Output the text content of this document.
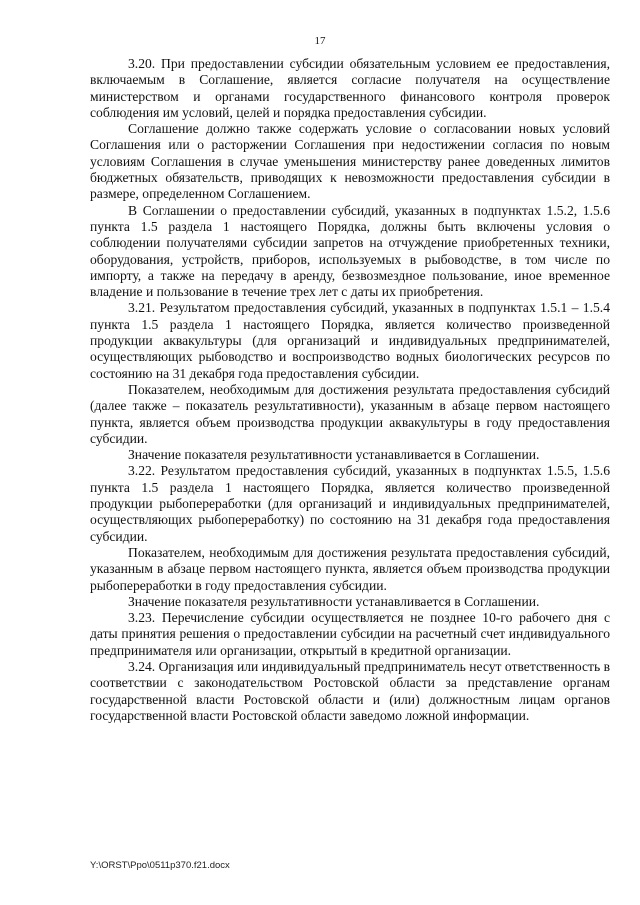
17

3.20. При предоставлении субсидии обязательным условием ее предоставления, включаемым в Соглашение, является согласие получателя на осуществление министерством и органами государственного финансового контроля проверок соблюдения им условий, целей и порядка предоставления субсидии.

Соглашение должно также содержать условие о согласовании новых условий Соглашения или о расторжении Соглашения при недостижении согласия по новым условиям Соглашения в случае уменьшения министерству ранее доведенных лимитов бюджетных обязательств, приводящих к невозможности предоставления субсидии в размере, определенном Соглашением.

В Соглашении о предоставлении субсидий, указанных в подпунктах 1.5.2, 1.5.6 пункта 1.5 раздела 1 настоящего Порядка, должны быть включены условия о соблюдении получателями субсидии запретов на отчуждение приобретенных техники, оборудования, устройств, приборов, используемых в рыбоводстве, в том числе по импорту, а также на передачу в аренду, безвозмездное пользование, иное временное владение и пользование в течение трех лет с даты их приобретения.

3.21. Результатом предоставления субсидий, указанных в подпунктах 1.5.1 – 1.5.4 пункта 1.5 раздела 1 настоящего Порядка, является количество произведенной продукции аквакультуры (для организаций и индивидуальных предпринимателей, осуществляющих рыбоводство и воспроизводство водных биологических ресурсов по состоянию на 31 декабря года предоставления субсидии.

Показателем, необходимым для достижения результата предоставления субсидий (далее также – показатель результативности), указанным в абзаце первом настоящего пункта, является объем производства продукции аквакультуры в году предоставления субсидии.

Значение показателя результативности устанавливается в Соглашении.

3.22. Результатом предоставления субсидий, указанных в подпунктах 1.5.5, 1.5.6 пункта 1.5 раздела 1 настоящего Порядка, является количество произведенной продукции рыбопереработки (для организаций и индивидуальных предпринимателей, осуществляющих рыбопереработку) по состоянию на 31 декабря года предоставления субсидии.

Показателем, необходимым для достижения результата предоставления субсидий, указанным в абзаце первом настоящего пункта, является объем производства продукции рыбопереработки в году предоставления субсидии.

Значение показателя результативности устанавливается в Соглашении.

3.23. Перечисление субсидии осуществляется не позднее 10-го рабочего дня с даты принятия решения о предоставлении субсидии на расчетный счет индивидуального предпринимателя или организации, открытый в кредитной организации.

3.24. Организация или индивидуальный предприниматель несут ответственность в соответствии с законодательством Ростовской области за представление органам государственной власти Ростовской области и (или) должностным лицам органов государственной власти Ростовской области заведомо ложной информации.

Y:\ORST\Ppo\0511p370.f21.docx
